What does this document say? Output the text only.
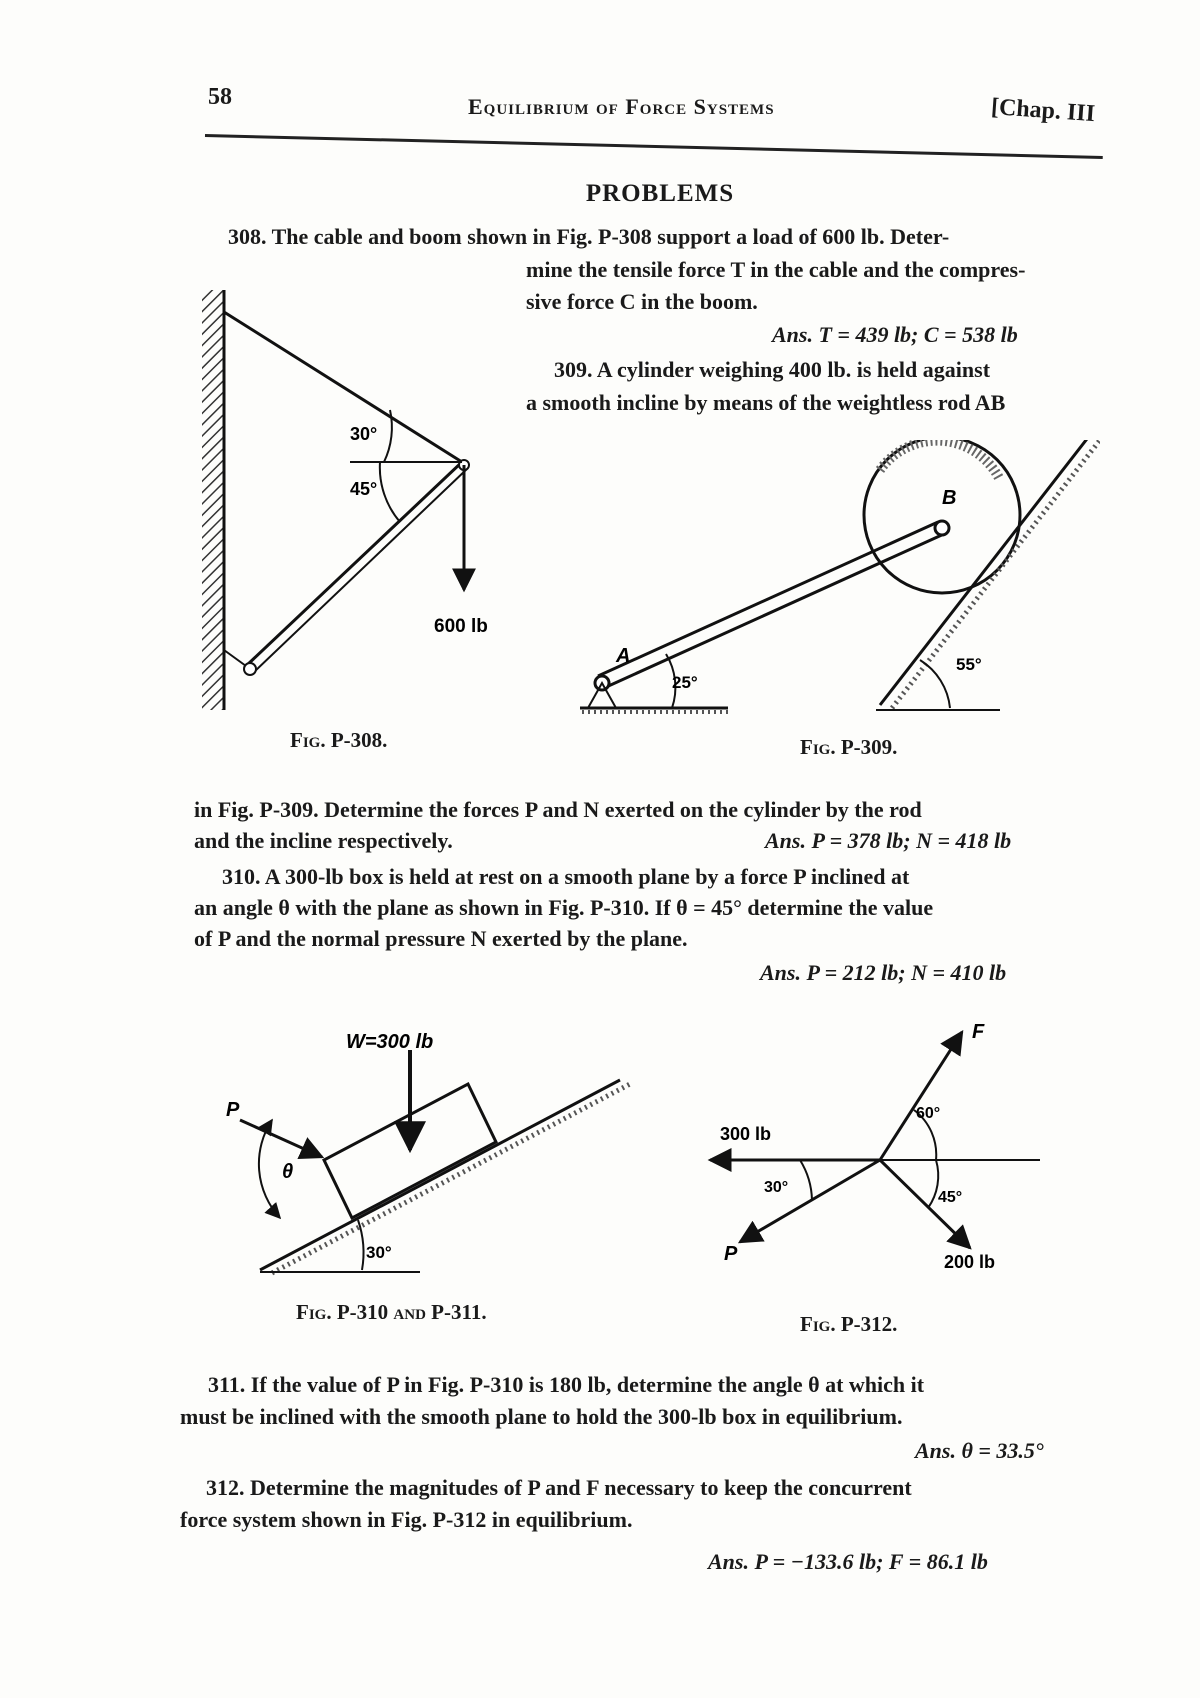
58	Equilibrium of Force Systems	[Chap. III
PROBLEMS
308. The cable and boom shown in Fig. P-308 support a load of 600 lb. Deter-
mine the tensile force T in the cable and the compres-
sive force C in the boom.
Ans. T = 439 lb; C = 538 lb
309. A cylinder weighing 400 lb. is held against
a smooth incline by means of the weightless rod AB
30°
45°
600 lb
A
B
25°
55°
Fig. P-308.	Fig. P-309.
in Fig. P-309. Determine the forces P and N exerted on the cylinder by the rod
and the incline respectively.	Ans. P = 378 lb; N = 418 lb
310. A 300-lb box is held at rest on a smooth plane by a force P inclined at
an angle θ with the plane as shown in Fig. P-310. If θ = 45° determine the value
of P and the normal pressure N exerted by the plane.
Ans. P = 212 lb; N = 410 lb
W=300 lb
P
θ
30°
F
300 lb
200 lb
P
60°
30°
45°
Fig. P-310 and P-311.	Fig. P-312.
311. If the value of P in Fig. P-310 is 180 lb, determine the angle θ at which it
must be inclined with the smooth plane to hold the 300-lb box in equilibrium.
Ans. θ = 33.5°
312. Determine the magnitudes of P and F necessary to keep the concurrent
force system shown in Fig. P-312 in equilibrium.
Ans. P = −133.6 lb; F = 86.1 lb
